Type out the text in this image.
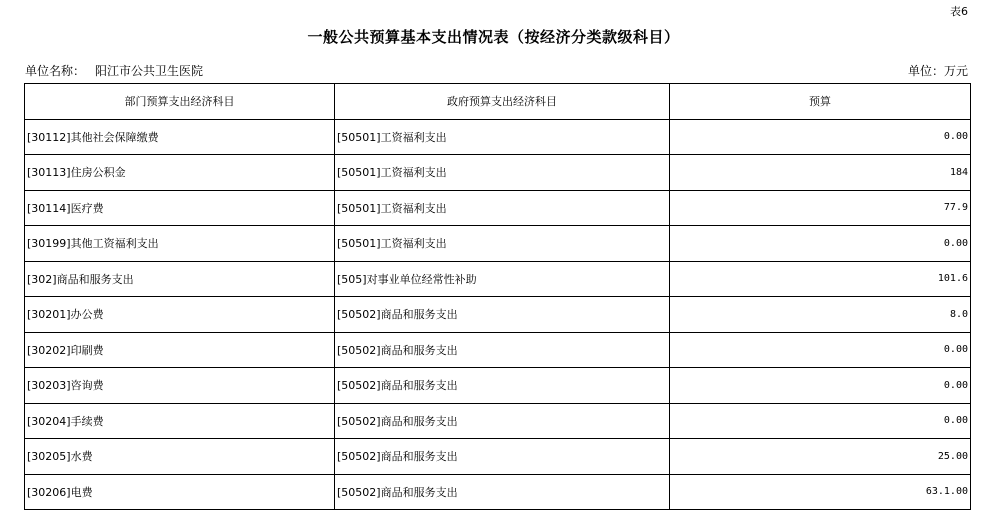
表6
一般公共预算基本支出情况表（按经济分类款级科目）
单位名称： 阳江市公共卫生医院	单位：万元
部门预算支出经济科目	政府预算支出经济科目	预算
[30112]其他社会保障缴费	[50501]工资福利支出	0.00
[30113]住房公积金	[50501]工资福利支出	184
[30114]医疗费	[50501]工资福利支出	77.9
[30199]其他工资福利支出	[50501]工资福利支出	0.00
[302]商品和服务支出	[505]对事业单位经常性补助	101.6
[30201]办公费	[50502]商品和服务支出	8.0
[30202]印刷费	[50502]商品和服务支出	0.00
[30203]咨询费	[50502]商品和服务支出	0.00
[30204]手续费	[50502]商品和服务支出	0.00
[30205]水费	[50502]商品和服务支出	25.00
[30206]电费	[50502]商品和服务支出	63.1.00
